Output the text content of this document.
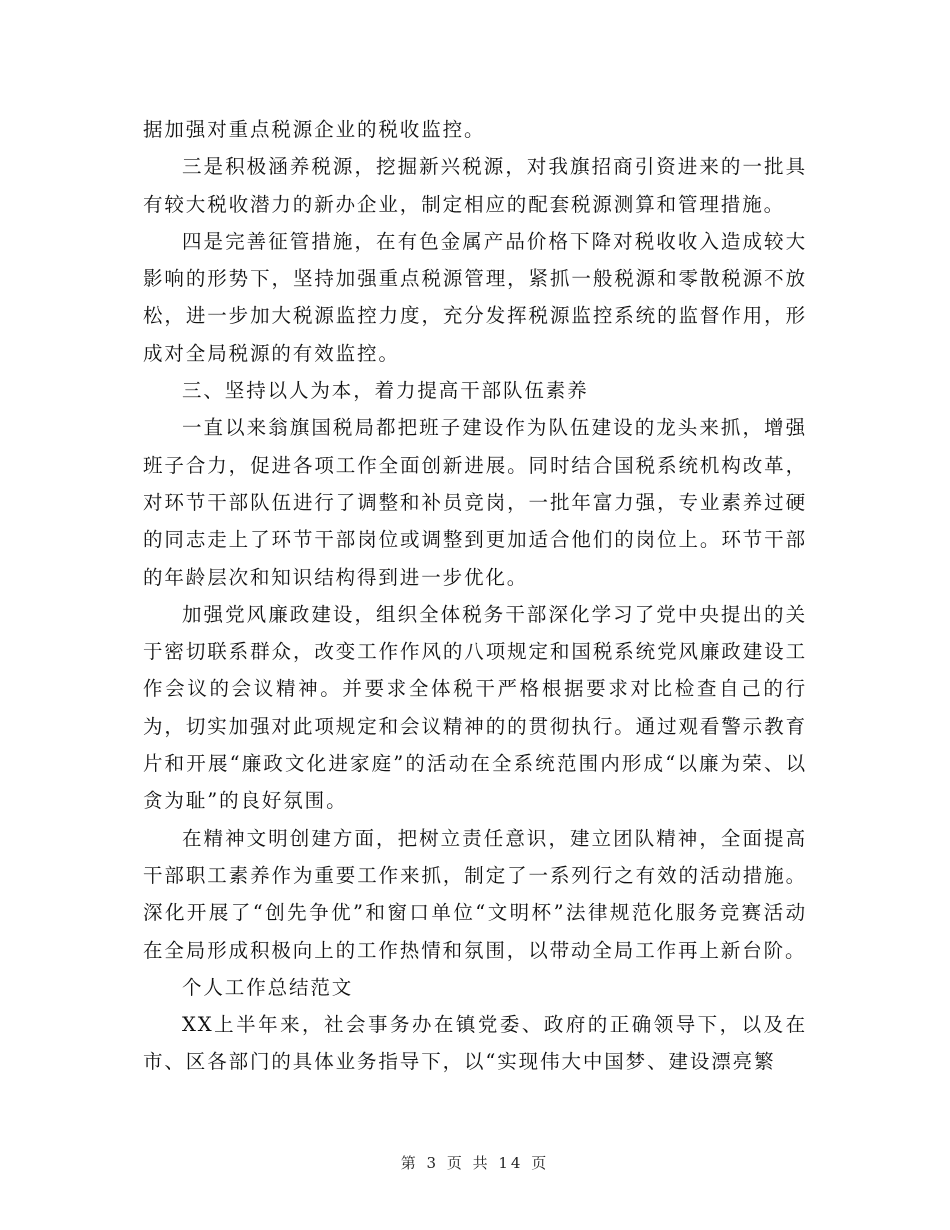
据加强对重点税源企业的税收监控。

三是积极涵养税源，挖掘新兴税源，对我旗招商引资进来的一批具有较大税收潜力的新办企业，制定相应的配套税源测算和管理措施。

四是完善征管措施，在有色金属产品价格下降对税收收入造成较大影响的形势下，坚持加强重点税源管理，紧抓一般税源和零散税源不放松，进一步加大税源监控力度，充分发挥税源监控系统的监督作用，形成对全局税源的有效监控。

三、坚持以人为本，着力提高干部队伍素养

一直以来翁旗国税局都把班子建设作为队伍建设的龙头来抓，增强班子合力，促进各项工作全面创新进展。同时结合国税系统机构改革，对环节干部队伍进行了调整和补员竞岗，一批年富力强，专业素养过硬的同志走上了环节干部岗位或调整到更加适合他们的岗位上。环节干部的年龄层次和知识结构得到进一步优化。

加强党风廉政建设，组织全体税务干部深化学习了党中央提出的关于密切联系群众，改变工作作风的八项规定和国税系统党风廉政建设工作会议的会议精神。并要求全体税干严格根据要求对比检查自己的行为，切实加强对此项规定和会议精神的的贯彻执行。通过观看警示教育片和开展“廉政文化进家庭”的活动在全系统范围内形成“以廉为荣、以贪为耻”的良好氛围。

在精神文明创建方面，把树立责任意识，建立团队精神，全面提高干部职工素养作为重要工作来抓，制定了一系列行之有效的活动措施。深化开展了“创先争优”和窗口单位“文明杯”法律规范化服务竞赛活动在全局形成积极向上的工作热情和氛围，以带动全局工作再上新台阶。

个人工作总结范文

XX上半年来，社会事务办在镇党委、政府的正确领导下，以及在市、区各部门的具体业务指导下，以“实现伟大中国梦、建设漂亮繁

第 3 页 共 14 页
